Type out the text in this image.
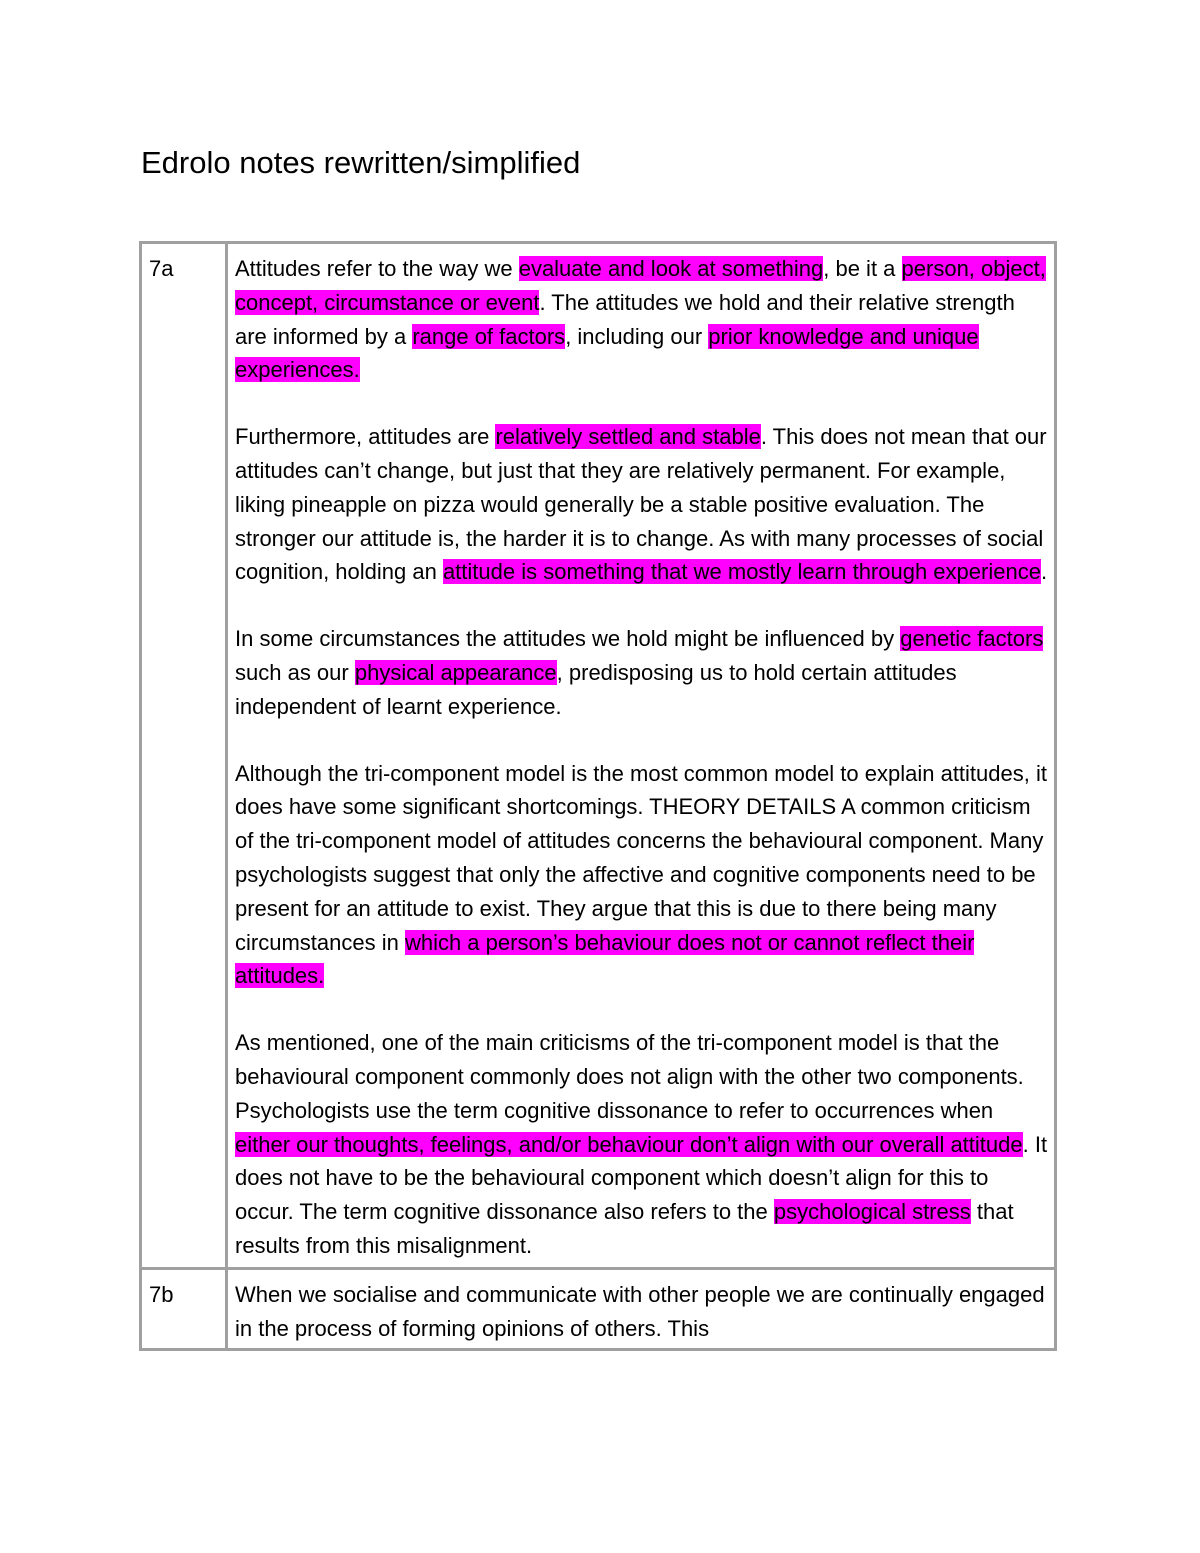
Edrolo notes rewritten/simplified
7a	Attitudes refer to the way we evaluate and look at something, be it a person, object, concept, circumstance or event. The attitudes we hold and their relative strength are informed by a range of factors, including our prior knowledge and unique experiences.

Furthermore, attitudes are relatively settled and stable. This does not mean that our attitudes can’t change, but just that they are relatively permanent. For example, liking pineapple on pizza would generally be a stable positive evaluation. The stronger our attitude is, the harder it is to change. As with many processes of social cognition, holding an attitude is something that we mostly learn through experience.

In some circumstances the attitudes we hold might be influenced by genetic factors such as our physical appearance, predisposing us to hold certain attitudes independent of learnt experience.

Although the tri-component model is the most common model to explain attitudes, it does have some significant shortcomings. THEORY DETAILS A common criticism of the tri-component model of attitudes concerns the behavioural component. Many psychologists suggest that only the affective and cognitive components need to be present for an attitude to exist. They argue that this is due to there being many circumstances in which a person’s behaviour does not or cannot reflect their attitudes.

As mentioned, one of the main criticisms of the tri-component model is that the behavioural component commonly does not align with the other two components. Psychologists use the term cognitive dissonance to refer to occurrences when either our thoughts, feelings, and/or behaviour don’t align with our overall attitude. It does not have to be the behavioural component which doesn’t align for this to occur. The term cognitive dissonance also refers to the psychological stress that results from this misalignment.

7b	When we socialise and communicate with other people we are continually engaged in the process of forming opinions of others. This
